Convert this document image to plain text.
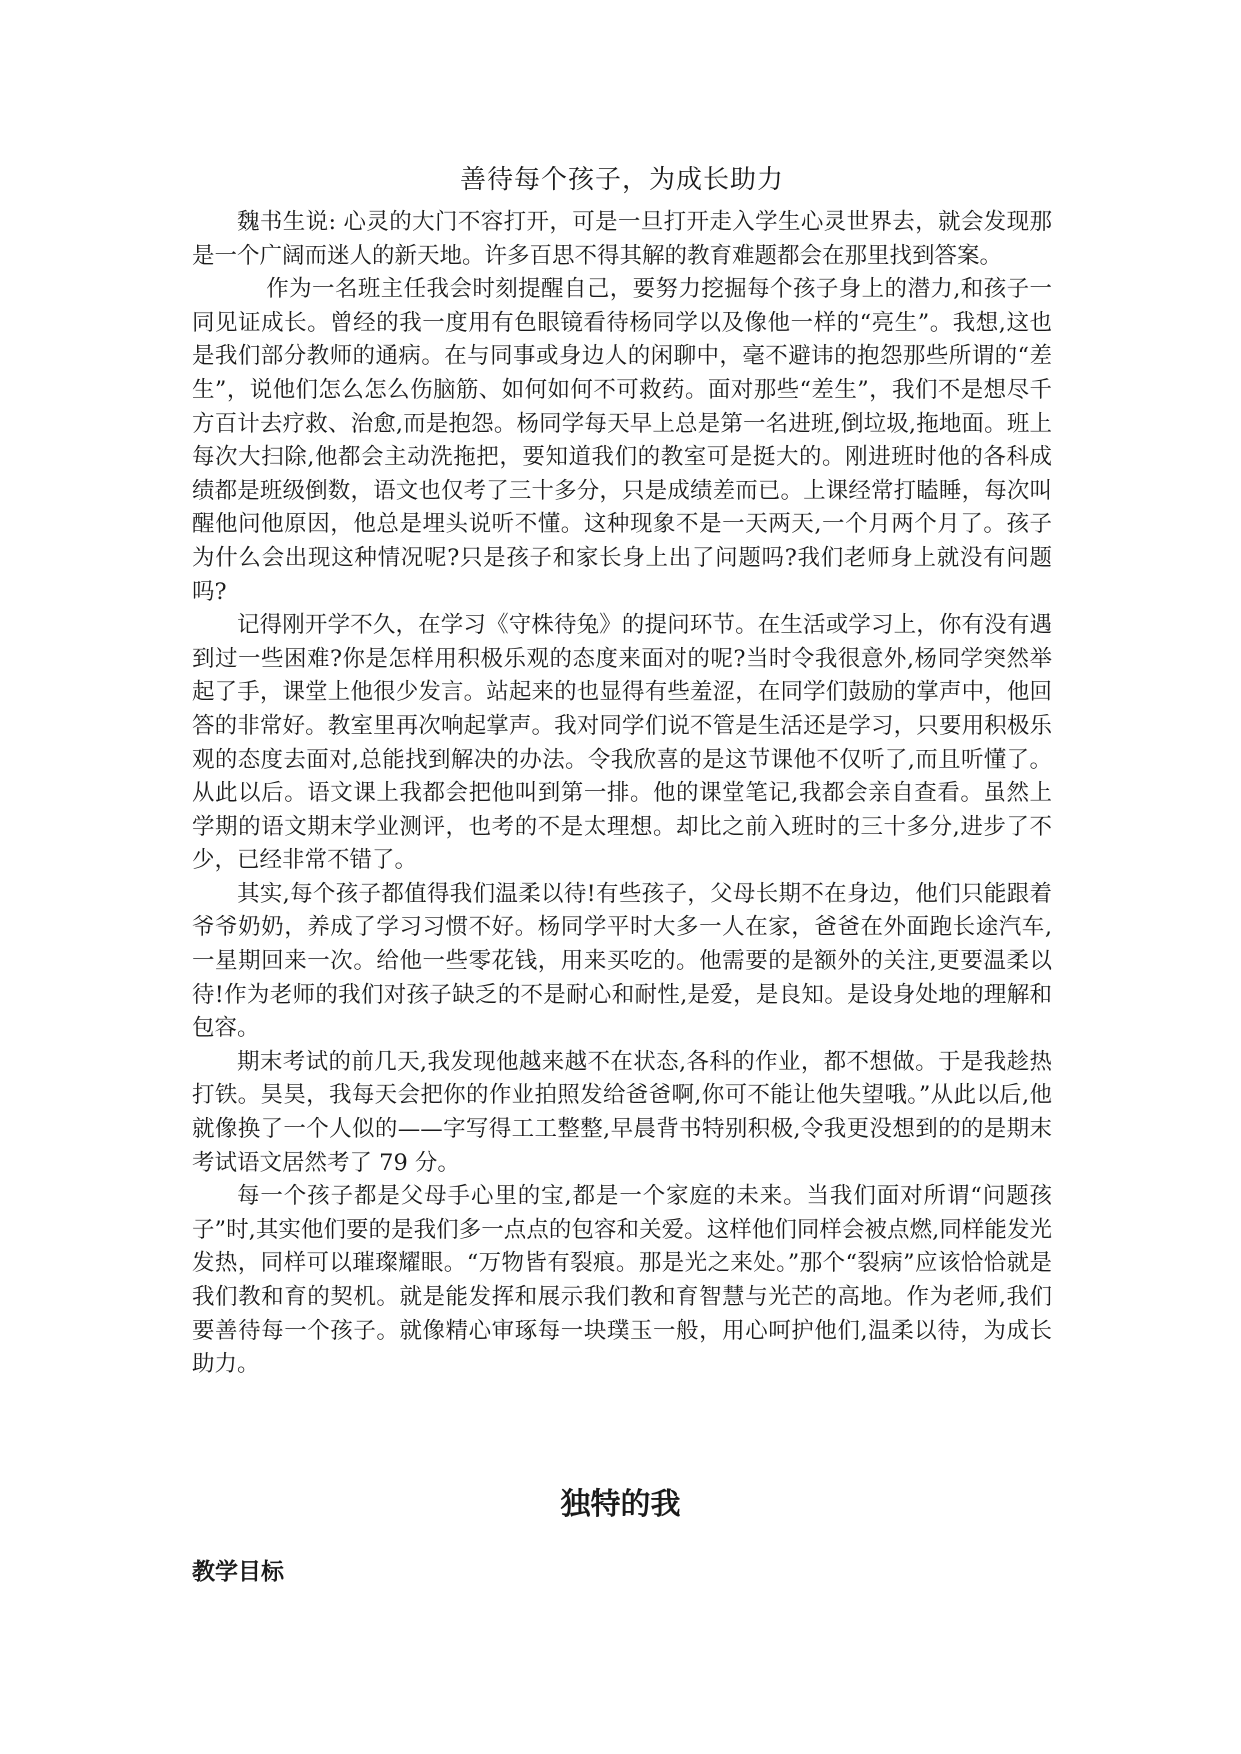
善待每个孩子，为成长助力

魏书生说: 心灵的大门不容打开，可是一旦打开走入学生心灵世界去，就会发现那是一个广阔而迷人的新天地。许多百思不得其解的教育难题都会在那里找到答案。

作为一名班主任我会时刻提醒自己，要努力挖掘每个孩子身上的潜力,和孩子一同见证成长。曾经的我一度用有色眼镜看待杨同学以及像他一样的“亮生”。我想,这也是我们部分教师的通病。在与同事或身边人的闲聊中，毫不避讳的抱怨那些所谓的“差生”，说他们怎么怎么伤脑筋、如何如何不可救药。面对那些“差生”，我们不是想尽千方百计去疗救、治愈,而是抱怨。杨同学每天早上总是第一名进班,倒垃圾,拖地面。班上每次大扫除,他都会主动洗拖把，要知道我们的教室可是挺大的。刚进班时他的各科成绩都是班级倒数，语文也仅考了三十多分，只是成绩差而已。上课经常打瞌睡，每次叫醒他问他原因，他总是埋头说听不懂。这种现象不是一天两天,一个月两个月了。孩子为什么会出现这种情况呢?只是孩子和家长身上出了问题吗?我们老师身上就没有问题吗?

记得刚开学不久，在学习《守株待兔》的提问环节。在生活或学习上，你有没有遇到过一些困难?你是怎样用积极乐观的态度来面对的呢?当时令我很意外,杨同学突然举起了手，课堂上他很少发言。站起来的也显得有些羞涩，在同学们鼓励的掌声中，他回答的非常好。教室里再次响起掌声。我对同学们说不管是生活还是学习，只要用积极乐观的态度去面对,总能找到解决的办法。令我欣喜的是这节课他不仅听了,而且听懂了。从此以后。语文课上我都会把他叫到第一排。他的课堂笔记,我都会亲自查看。虽然上学期的语文期末学业测评，也考的不是太理想。却比之前入班时的三十多分,进步了不少，已经非常不错了。

其实,每个孩子都值得我们温柔以待!有些孩子，父母长期不在身边，他们只能跟着爷爷奶奶，养成了学习习惯不好。杨同学平时大多一人在家，爸爸在外面跑长途汽车,一星期回来一次。给他一些零花钱，用来买吃的。他需要的是额外的关注,更要温柔以待!作为老师的我们对孩子缺乏的不是耐心和耐性,是爱，是良知。是设身处地的理解和包容。

期末考试的前几天,我发现他越来越不在状态,各科的作业，都不想做。于是我趁热打铁。昊昊，我每天会把你的作业拍照发给爸爸啊,你可不能让他失望哦。”从此以后,他就像换了一个人似的——字写得工工整整,早晨背书特别积极,令我更没想到的的是期末考试语文居然考了 79 分。

每一个孩子都是父母手心里的宝,都是一个家庭的未来。当我们面对所谓“问题孩子”时,其实他们要的是我们多一点点的包容和关爱。这样他们同样会被点燃,同样能发光发热，同样可以璀璨耀眼。“万物皆有裂痕。那是光之来处。”那个“裂病”应该恰恰就是我们教和育的契机。就是能发挥和展示我们教和育智慧与光芒的高地。作为老师,我们要善待每一个孩子。就像精心审琢每一块璞玉一般，用心呵护他们,温柔以待，为成长助力。

独特的我
教学目标
